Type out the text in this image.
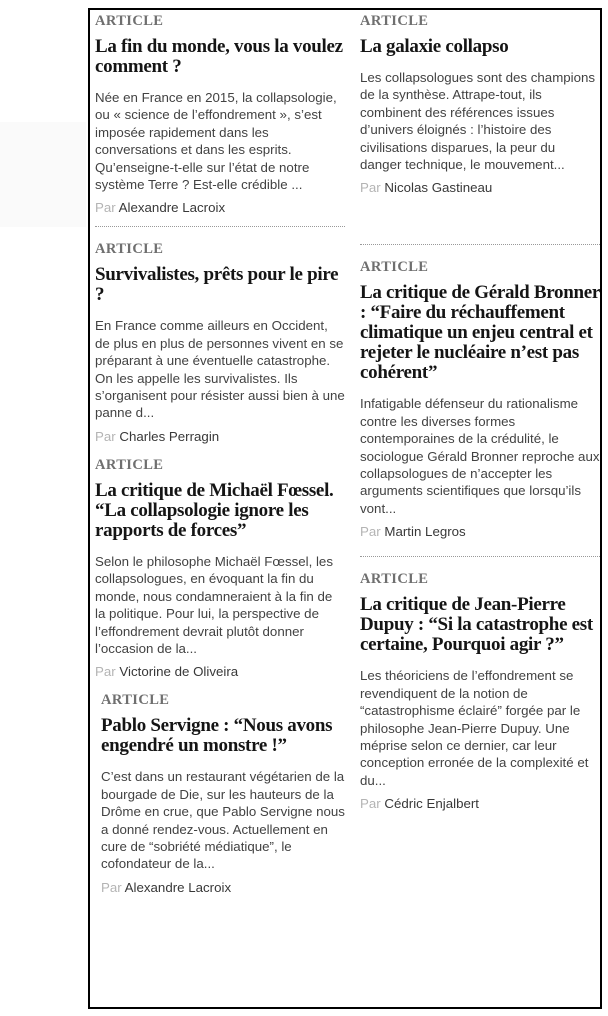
ARTICLE
La fin du monde, vous la voulez comment ?

Née en France en 2015, la collapsologie, ou « science de l’effondrement », s’est imposée rapidement dans les conversations et dans les esprits. Qu’enseigne-t-elle sur l’état de notre système Terre ? Est-elle crédible ...

Par Alexandre Lacroix
ARTICLE
Survivalistes, prêts pour le pire ?

En France comme ailleurs en Occident, de plus en plus de personnes vivent en se préparant à une éventuelle catastrophe. On les appelle les survivalistes. Ils s’organisent pour résister aussi bien à une panne d...

Par Charles Perragin
ARTICLE
La critique de Michaël Fœssel. “La collapsologie ignore les rapports de forces”

Selon le philosophe Michaël Fœssel, les collapsologues, en évoquant la fin du monde, nous condamneraient à la fin de la politique. Pour lui, la perspective de l’effondrement devrait plutôt donner l’occasion de la...

Par Victorine de Oliveira
ARTICLE
Pablo Servigne : “Nous avons engendré un monstre !”

C’est dans un restaurant végétarien de la bourgade de Die, sur les hauteurs de la Drôme en crue, que Pablo Servigne nous a donné rendez-vous. Actuellement en cure de “sobriété médiatique”, le cofondateur de la...

Par Alexandre Lacroix
ARTICLE
La galaxie collapso

Les collapsologues sont des champions de la synthèse. Attrape-tout, ils combinent des références issues d’univers éloignés : l’histoire des civilisations disparues, la peur du danger technique, le mouvement...

Par Nicolas Gastineau
ARTICLE
La critique de Gérald Bronner : “Faire du réchauffement climatique un enjeu central et rejeter le nucléaire n’est pas cohérent”

Infatigable défenseur du rationalisme contre les diverses formes contemporaines de la crédulité, le sociologue Gérald Bronner reproche aux collapsologues de n’accepter les arguments scientifiques que lorsqu’ils vont...

Par Martin Legros
ARTICLE
La critique de Jean-Pierre Dupuy : “Si la catastrophe est certaine, Pourquoi agir ?”

Les théoriciens de l’effondrement se revendiquent de la notion de “catastrophisme éclairé” forgée par le philosophe Jean-Pierre Dupuy. Une méprise selon ce dernier, car leur conception erronée de la complexité et du...

Par Cédric Enjalbert
